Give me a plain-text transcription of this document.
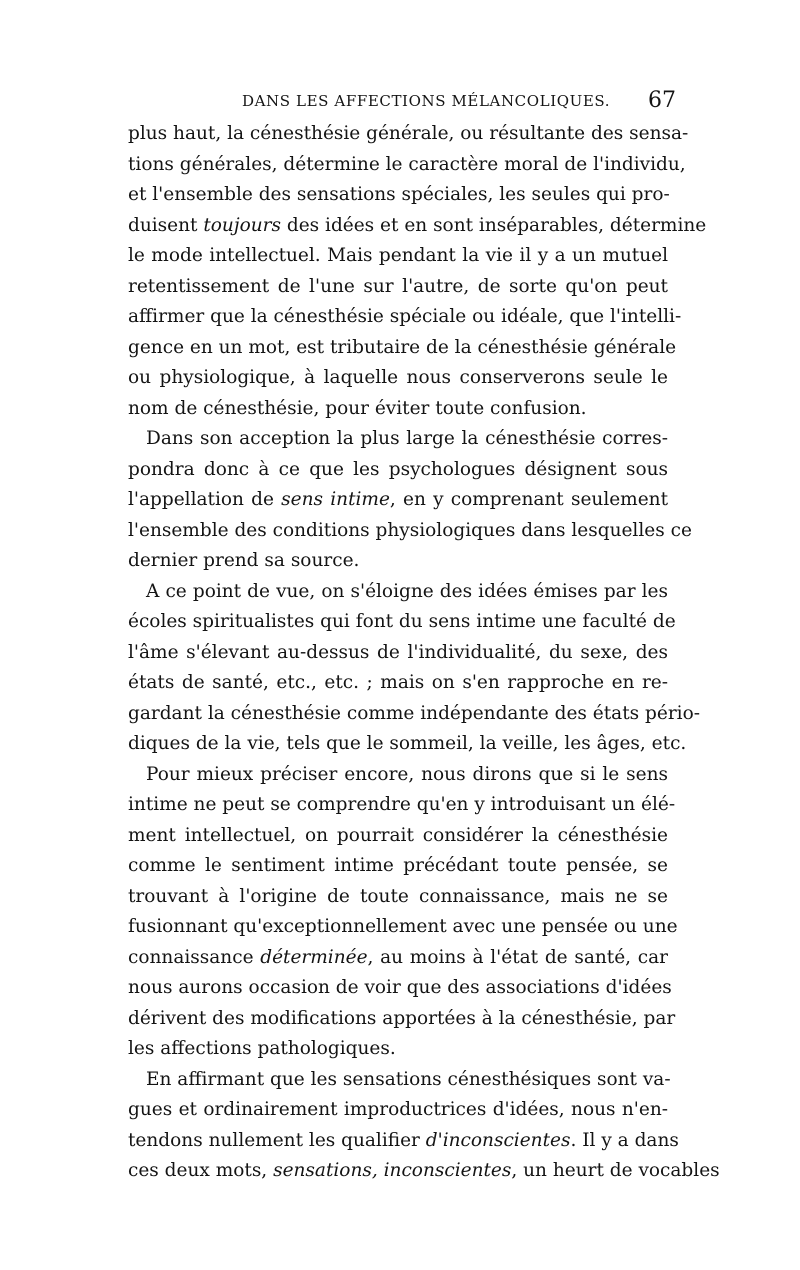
DANS LES AFFECTIONS MÉLANCOLIQUES. 67
plus haut, la cénesthésie générale, ou résultante des sensa-
tions générales, détermine le caractère moral de l'individu,
et l'ensemble des sensations spéciales, les seules qui pro-
duisent toujours des idées et en sont inséparables, détermine
le mode intellectuel. Mais pendant la vie il y a un mutuel
retentissement de l'une sur l'autre, de sorte qu'on peut
affirmer que la cénesthésie spéciale ou idéale, que l'intelli-
gence en un mot, est tributaire de la cénesthésie générale
ou physiologique, à laquelle nous conserverons seule le
nom de cénesthésie, pour éviter toute confusion.
Dans son acception la plus large la cénesthésie corres-
pondra donc à ce que les psychologues désignent sous
l'appellation de sens intime, en y comprenant seulement
l'ensemble des conditions physiologiques dans lesquelles ce
dernier prend sa source.
A ce point de vue, on s'éloigne des idées émises par les
écoles spiritualistes qui font du sens intime une faculté de
l'âme s'élevant au-dessus de l'individualité, du sexe, des
états de santé, etc., etc. ; mais on s'en rapproche en re-
gardant la cénesthésie comme indépendante des états pério-
diques de la vie, tels que le sommeil, la veille, les âges, etc.
Pour mieux préciser encore, nous dirons que si le sens
intime ne peut se comprendre qu'en y introduisant un élé-
ment intellectuel, on pourrait considérer la cénesthésie
comme le sentiment intime précédant toute pensée, se
trouvant à l'origine de toute connaissance, mais ne se
fusionnant qu'exceptionnellement avec une pensée ou une
connaissance déterminée, au moins à l'état de santé, car
nous aurons occasion de voir que des associations d'idées
dérivent des modifications apportées à la cénesthésie, par
les affections pathologiques.
En affirmant que les sensations cénesthésiques sont va-
gues et ordinairement improductrices d'idées, nous n'en-
tendons nullement les qualifier d'inconscientes. Il y a dans
ces deux mots, sensations, inconscientes, un heurt de vocables
